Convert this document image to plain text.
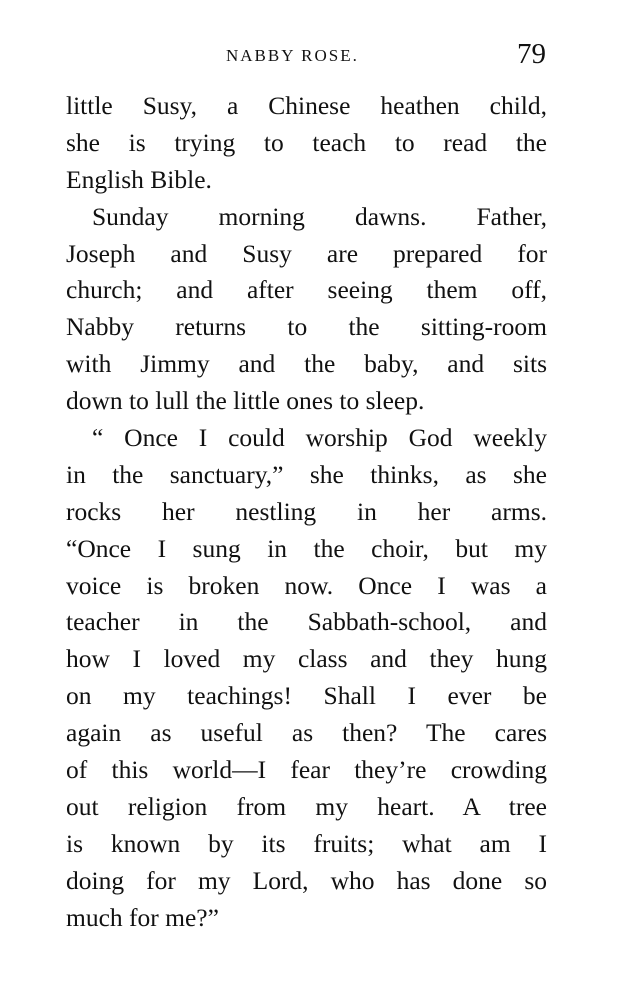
NABBY ROSE.	79
little Susy, a Chinese heathen child,
she is trying to teach to read the
English Bible.
Sunday morning dawns. Father,
Joseph and Susy are prepared for
church; and after seeing them off,
Nabby returns to the sitting-room
with Jimmy and the baby, and sits
down to lull the little ones to sleep.
“ Once I could worship God weekly
in the sanctuary,” she thinks, as she
rocks her nestling in her arms.
“Once I sung in the choir, but my
voice is broken now. Once I was a
teacher in the Sabbath-school, and
how I loved my class and they hung
on my teachings! Shall I ever be
again as useful as then? The cares
of this world—I fear they’re crowding
out religion from my heart. A tree
is known by its fruits; what am I
doing for my Lord, who has done so
much for me?”
